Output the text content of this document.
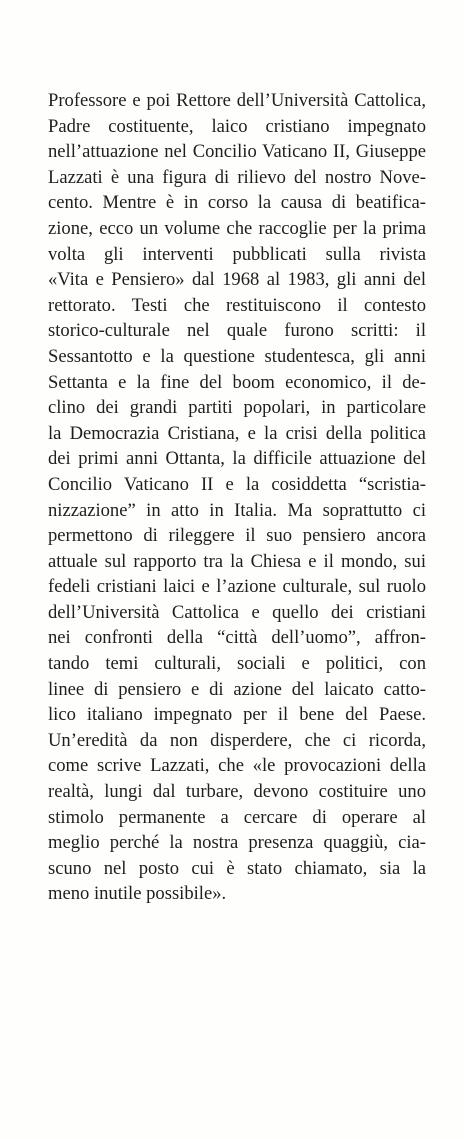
Professore e poi Rettore dell’Università Cattolica,
Padre costituente, laico cristiano impegnato
nell’attuazione nel Concilio Vaticano II, Giuseppe
Lazzati è una figura di rilievo del nostro Nove-
cento. Mentre è in corso la causa di beatifica-
zione, ecco un volume che raccoglie per la prima
volta gli interventi pubblicati sulla rivista
«Vita e Pensiero» dal 1968 al 1983, gli anni del
rettorato. Testi che restituiscono il contesto
storico-culturale nel quale furono scritti: il
Sessantotto e la questione studentesca, gli anni
Settanta e la fine del boom economico, il de-
clino dei grandi partiti popolari, in particolare
la Democrazia Cristiana, e la crisi della politica
dei primi anni Ottanta, la difficile attuazione del
Concilio Vaticano II e la cosiddetta “scristia-
nizzazione” in atto in Italia. Ma soprattutto ci
permettono di rileggere il suo pensiero ancora
attuale sul rapporto tra la Chiesa e il mondo, sui
fedeli cristiani laici e l’azione culturale, sul ruolo
dell’Università Cattolica e quello dei cristiani
nei confronti della “città dell’uomo”, affron-
tando temi culturali, sociali e politici, con
linee di pensiero e di azione del laicato catto-
lico italiano impegnato per il bene del Paese.
Un’eredità da non disperdere, che ci ricorda,
come scrive Lazzati, che «le provocazioni della
realtà, lungi dal turbare, devono costituire uno
stimolo permanente a cercare di operare al
meglio perché la nostra presenza quaggiù, cia-
scuno nel posto cui è stato chiamato, sia la
meno inutile possibile».
